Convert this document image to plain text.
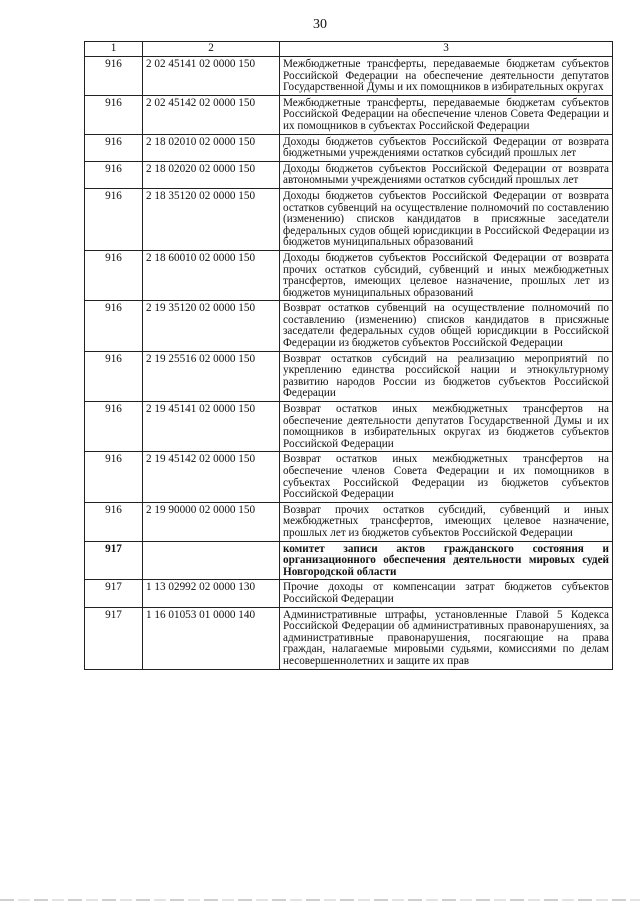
30
1	2	3
916	2 02 45141 02 0000 150	Межбюджетные трансферты, передаваемые бюджетам субъектов Российской Федерации на обеспечение деятельности депутатов Государственной Думы и их помощников в избирательных округах
916	2 02 45142 02 0000 150	Межбюджетные трансферты, передаваемые бюджетам субъектов Российской Федерации на обеспечение членов Совета Федерации и их помощников в субъектах Российской Федерации
916	2 18 02010 02 0000 150	Доходы бюджетов субъектов Российской Федерации от возврата бюджетными учреждениями остатков субсидий прошлых лет
916	2 18 02020 02 0000 150	Доходы бюджетов субъектов Российской Федерации от возврата автономными учреждениями остатков субсидий прошлых лет
916	2 18 35120 02 0000 150	Доходы бюджетов субъектов Российской Федерации от возврата остатков субвенций на осуществление полномочий по составлению (изменению) списков кандидатов в присяжные заседатели федеральных судов общей юрисдикции в Российской Федерации из бюджетов муниципальных образований
916	2 18 60010 02 0000 150	Доходы бюджетов субъектов Российской Федерации от возврата прочих остатков субсидий, субвенций и иных межбюджетных трансфертов, имеющих целевое назначение, прошлых лет из бюджетов муниципальных образований
916	2 19 35120 02 0000 150	Возврат остатков субвенций на осуществление полномочий по составлению (изменению) списков кандидатов в присяжные заседатели федеральных судов общей юрисдикции в Российской Федерации из бюджетов субъектов Российской Федерации
916	2 19 25516 02 0000 150	Возврат остатков субсидий на реализацию мероприятий по укреплению единства российской нации и этнокультурному развитию народов России из бюджетов субъектов Российской Федерации
916	2 19 45141 02 0000 150	Возврат остатков иных межбюджетных трансфертов на обеспечение деятельности депутатов Государственной Думы и их помощников в избирательных округах из бюджетов субъектов Российской Федерации
916	2 19 45142 02 0000 150	Возврат остатков иных межбюджетных трансфертов на обеспечение членов Совета Федерации и их помощников в субъектах Российской Федерации из бюджетов субъектов Российской Федерации
916	2 19 90000 02 0000 150	Возврат прочих остатков субсидий, субвенций и иных межбюджетных трансфертов, имеющих целевое назначение, прошлых лет из бюджетов субъектов Российской Федерации
917		комитет записи актов гражданского состояния и организационного обеспечения деятельности мировых судей Новгородской области
917	1 13 02992 02 0000 130	Прочие доходы от компенсации затрат бюджетов субъектов Российской Федерации
917	1 16 01053 01 0000 140	Административные штрафы, установленные Главой 5 Кодекса Российской Федерации об административных правонарушениях, за административные правонарушения, посягающие на права граждан, налагаемые мировыми судьями, комиссиями по делам несовершеннолетних и защите их прав
